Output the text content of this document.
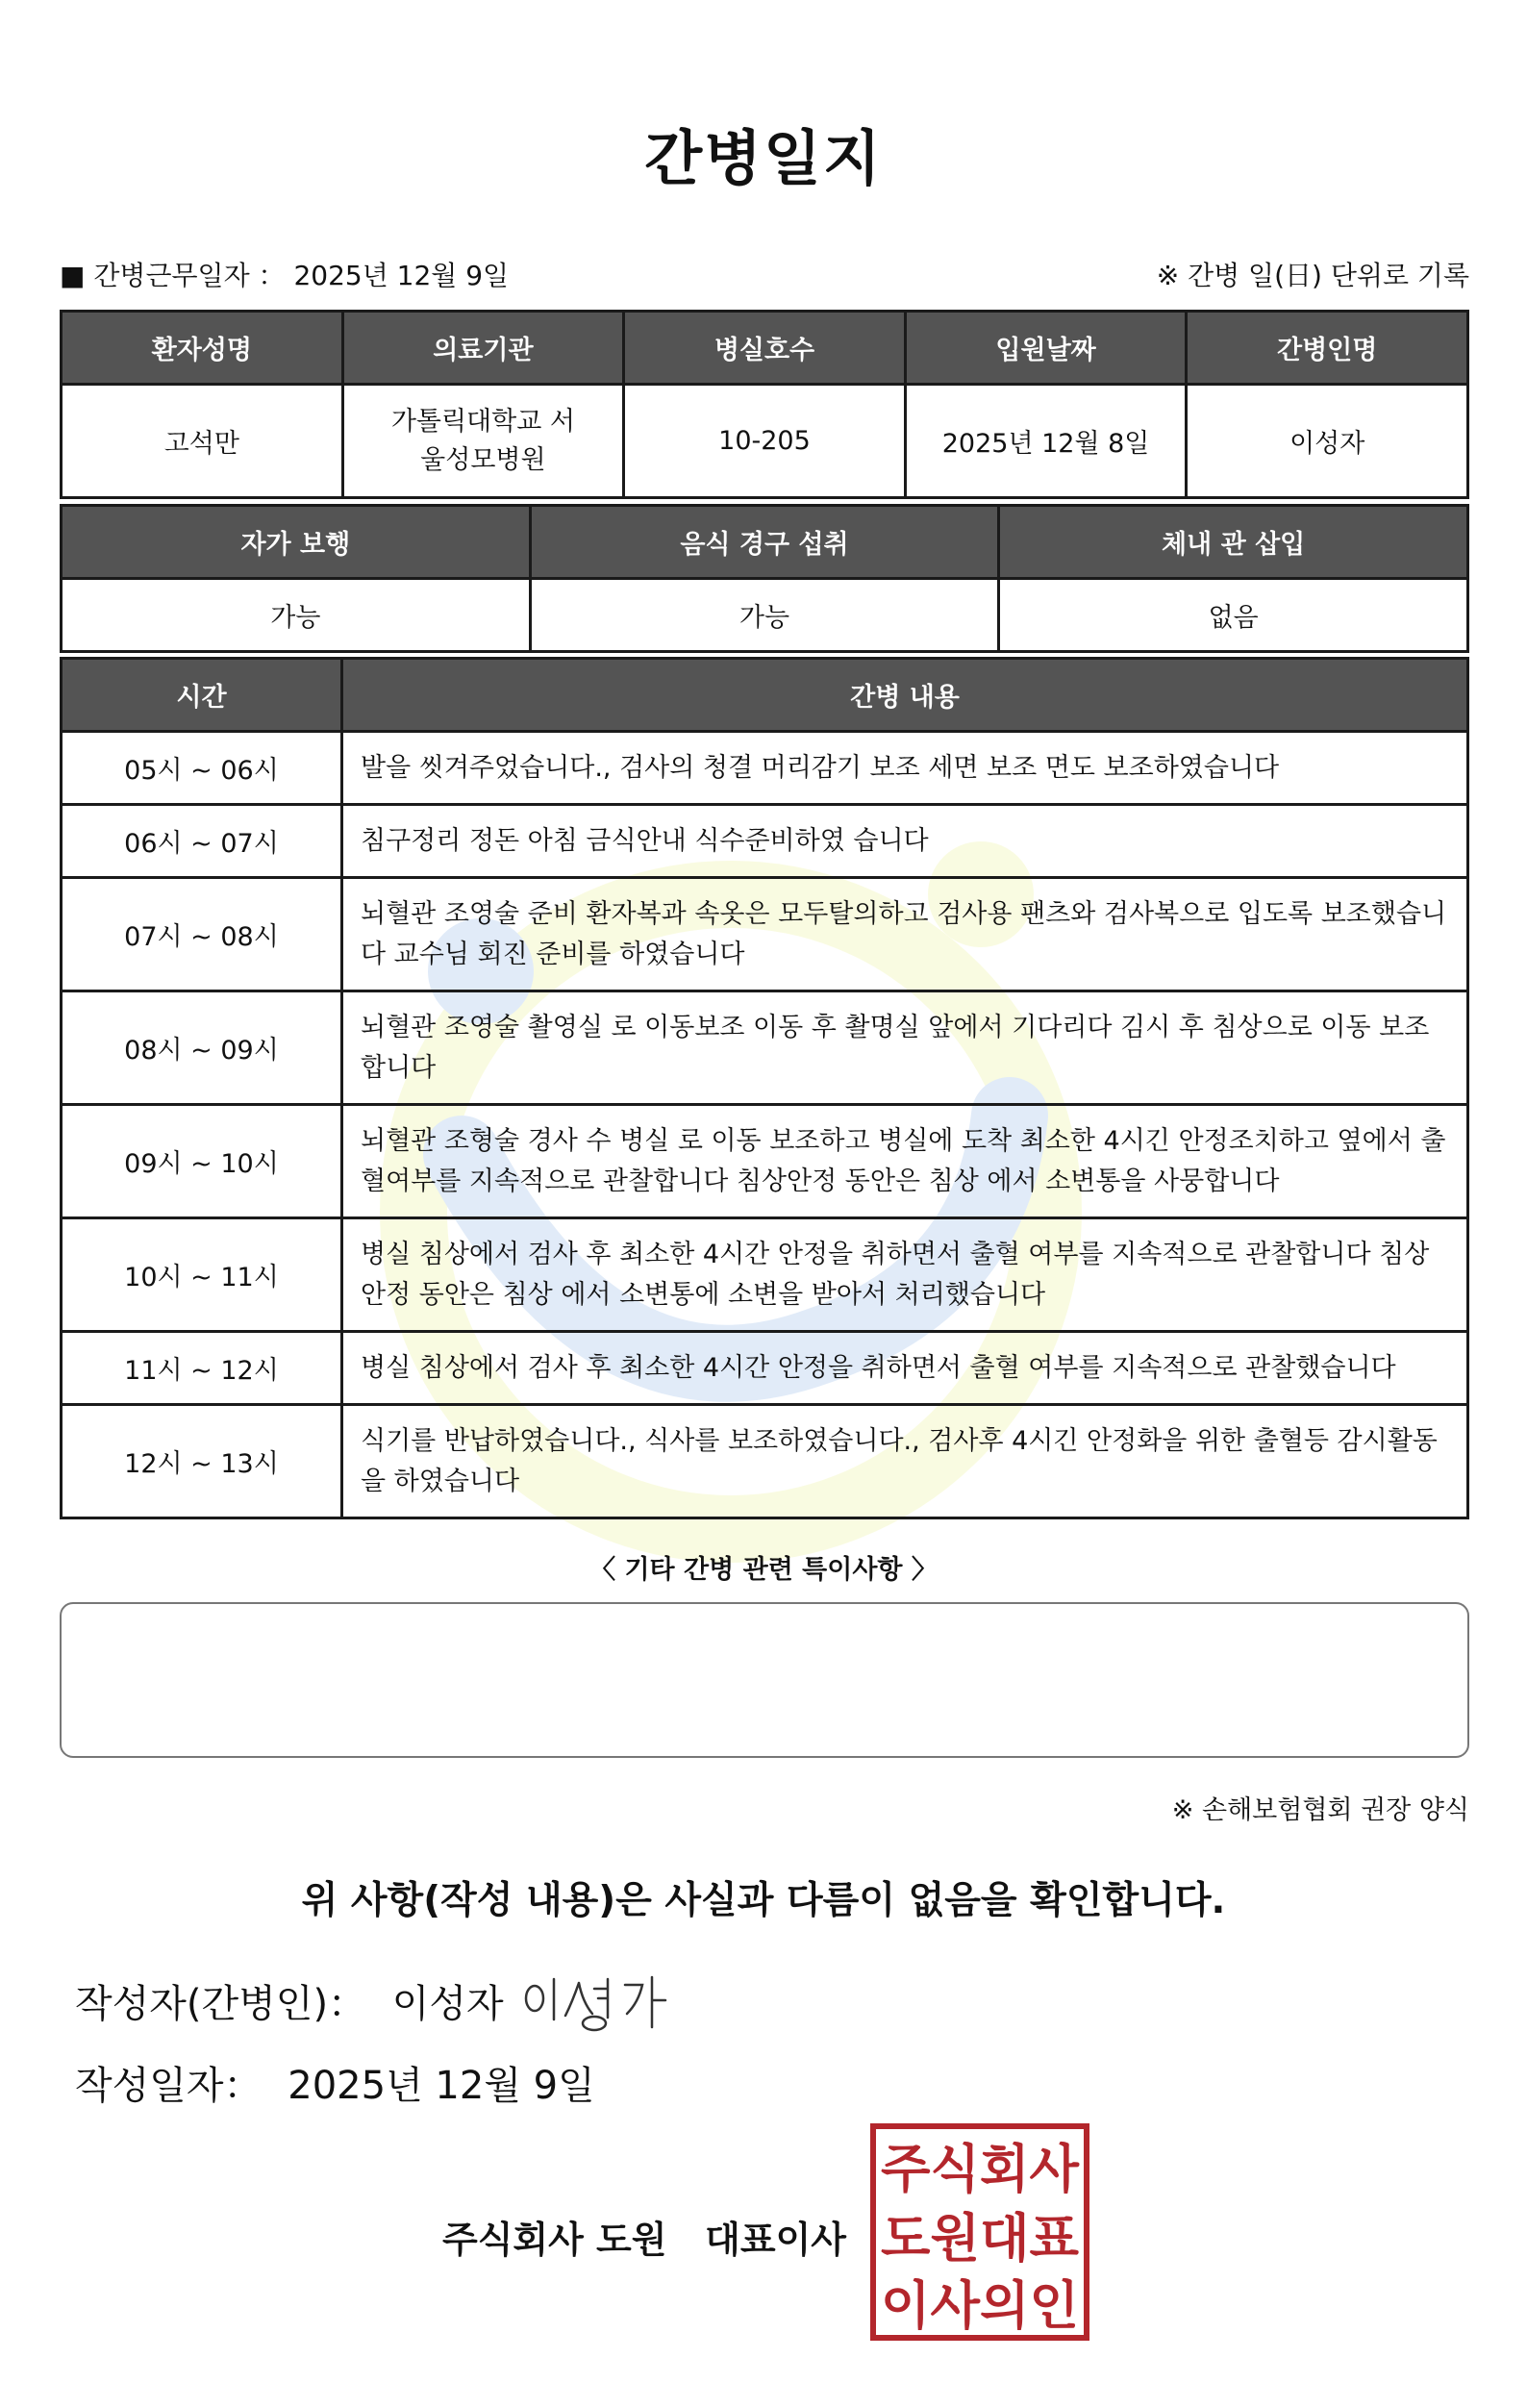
간병일지
■ 간병근무일자 ： 2025년 12월 9일	※ 간병 일(日) 단위로 기록
환자성명	의료기관	병실호수	입원날짜	간병인명
고석만	가톨릭대학교 서울성모병원	10-205	2025년 12월 8일	이성자
자가 보행	음식 경구 섭취	체내 관 삽입
가능	가능	없음
시간	간병 내용
05시 ~ 06시	발을 씻겨주었습니다., 검사의 청결 머리감기 보조 세면 보조 면도 보조하였습니다
06시 ~ 07시	침구정리 정돈 아침 금식안내 식수준비하였 습니다
07시 ~ 08시	뇌혈관 조영술 준비 환자복과 속옷은 모두탈의하고 검사용 팬츠와 검사복으로 입도록 보조했습니다 교수님 회진 준비를 하였습니다
08시 ~ 09시	뇌혈관 조영술 촬영실 로 이동보조 이동 후 촬명실 앞에서 기다리다 김시 후 침상으로 이동 보조합니다
09시 ~ 10시	뇌혈관 조형술 경사 수 병실 로 이동 보조하고 병실에 도착 최소한 4시긴 안정조치하고 옆에서 출혈여부를 지속적으로 관찰합니다 침상안정 동안은 침상 에서 소변통을 사뭉합니다
10시 ~ 11시	병실 침상에서 검사 후 최소한 4시간 안정을 취하면서 출혈 여부를 지속적으로 관찰합니다 침상안정 동안은 침상 에서 소변통에 소변을 받아서 처리했습니다
11시 ~ 12시	병실 침상에서 검사 후 최소한 4시간 안정을 취하면서 출혈 여부를 지속적으로 관찰했습니다
12시 ~ 13시	식기를 반납하였습니다., 식사를 보조하였습니다., 검사후 4시긴 안정화을 위한 출혈등 감시활동을 하였습니다
〈 기타 간병 관련 특이사항 〉
※ 손해보험협회 권장 양식
위 사항(작성 내용)은 사실과 다름이 없음을 확인합니다.
작성자(간병인)： 이성자
작성일자： 2025년 12월 9일
주식회사 도원   대표이사
주식회사
도원대표
이사의인
